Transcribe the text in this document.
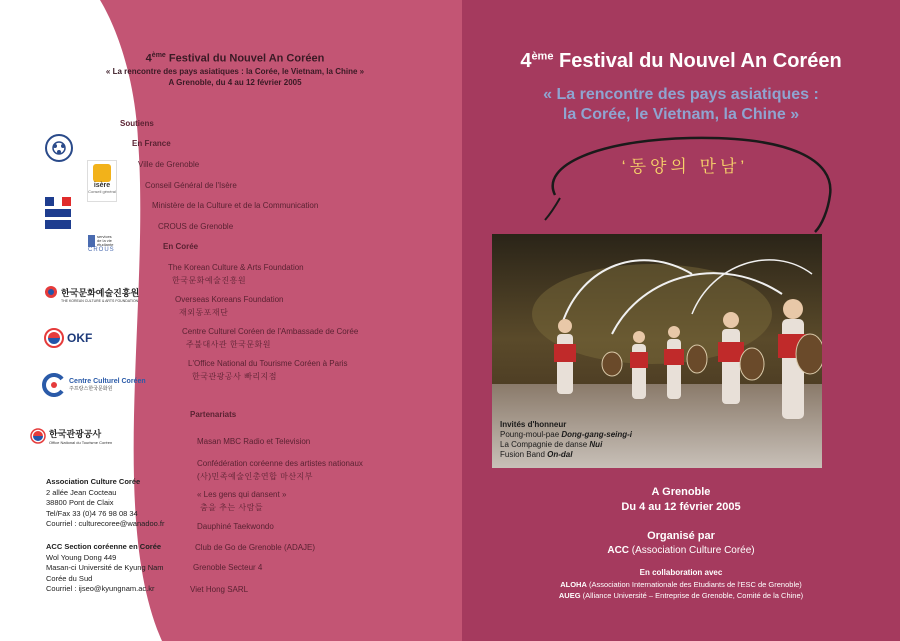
4ème Festival du Nouvel An Coréen
« La rencontre des pays asiatiques : la Corée, le Vietnam, la Chine »
A Grenoble, du 4 au 12 février 2005
Soutiens
En France
Ville de Grenoble
Conseil Général de l'Isère
Ministère de la Culture et de la Communication
CROUS de Grenoble
En Corée
The Korean Culture & Arts Foundation
한국문화예술진흥원
Overseas Koreans Foundation
재외동포재단
Centre Culturel Coréen de l'Ambassade de Corée
주불대사관 한국문화원
L'Office National du Tourisme Coréen à Paris
한국관광공사 빠리지점
Partenariats
Masan MBC Radio et Television
Confédération coréenne des artistes nationaux
(사)민족예술인총연합 마산지부
« Les gens qui dansent »
춤을 추는 사람들
Dauphiné Taekwondo
Club de Go de Grenoble (ADAJE)
Grenoble Secteur 4
Viet Hong SARL
Association Culture Corée
2 allée Jean Cocteau
38800 Pont de Claix
Tel/Fax 33 (0)4 76 98 08 34
Courriel : culturecoree@wanadoo.fr
ACC Section coréenne en Corée
Wol Young Dong 449
Masan-ci Université de Kyung Nam
Corée du Sud
Courriel : ijseo@kyungnam.ac.kr
isère
Conseil général
services de la vie étudiante
CROUS
한국문화예술진흥원
THE KOREAN CULTURE & ARTS FOUNDATION
OKF
Centre Culturel Coréen
주프랑스한국문화원
한국관광공사
Office National du Tourisme Coréen
4ème Festival du Nouvel An Coréen
« La rencontre des pays asiatiques :
la Corée, le Vietnam, la Chine »
‘동양의 만남’
Invités d'honneur
Poung-moul-pae Dong-gang-seing-i
La Compagnie de danse Nui
Fusion Band On-dal
A Grenoble
Du 4 au 12 février 2005
Organisé par
ACC (Association Culture Corée)
En collaboration avec
ALOHA (Association Internationale des Etudiants de l'ESC de Grenoble)
AUEG (Alliance Université – Entreprise de Grenoble, Comité de la Chine)
